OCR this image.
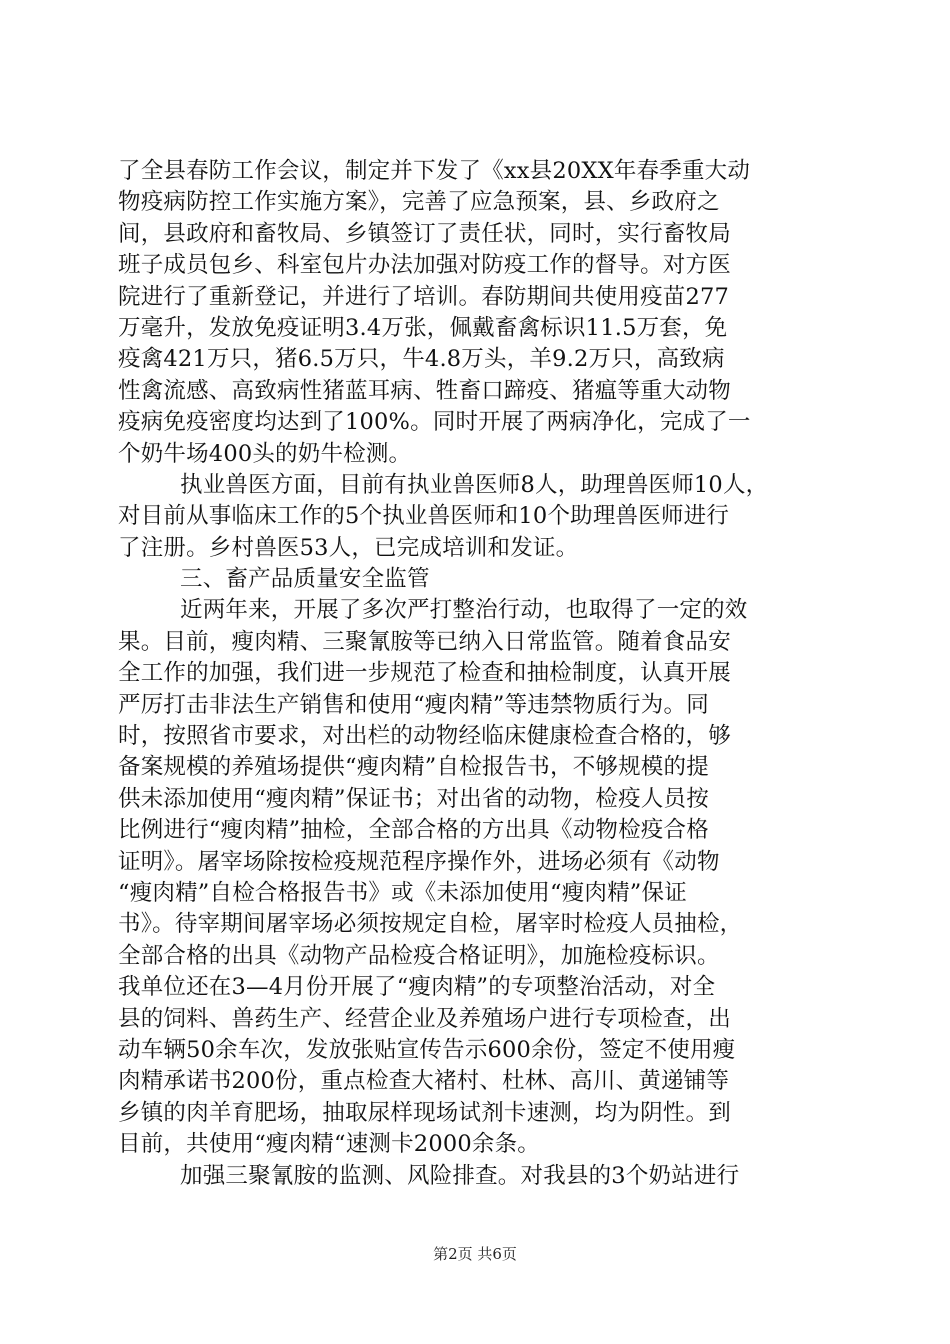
了全县春防工作会议，制定并下发了《xx县20XX年春季重大动
物疫病防控工作实施方案》，完善了应急预案，县、乡政府之
间，县政府和畜牧局、乡镇签订了责任状，同时，实行畜牧局
班子成员包乡、科室包片办法加强对防疫工作的督导。对方医
院进行了重新登记，并进行了培训。春防期间共使用疫苗277
万毫升，发放免疫证明3.4万张，佩戴畜禽标识11.5万套，免
疫禽421万只，猪6.5万只，牛4.8万头，羊9.2万只，高致病
性禽流感、高致病性猪蓝耳病、牲畜口蹄疫、猪瘟等重大动物
疫病免疫密度均达到了100%。同时开展了两病净化，完成了一
个奶牛场400头的奶牛检测。
执业兽医方面，目前有执业兽医师8人，助理兽医师10人，
对目前从事临床工作的5个执业兽医师和10个助理兽医师进行
了注册。乡村兽医53人，已完成培训和发证。
三、畜产品质量安全监管
近两年来，开展了多次严打整治行动，也取得了一定的效
果。目前，瘦肉精、三聚氰胺等已纳入日常监管。随着食品安
全工作的加强，我们进一步规范了检查和抽检制度，认真开展
严厉打击非法生产销售和使用“瘦肉精”等违禁物质行为。同
时，按照省市要求，对出栏的动物经临床健康检查合格的，够
备案规模的养殖场提供“瘦肉精”自检报告书，不够规模的提
供未添加使用“瘦肉精”保证书；对出省的动物，检疫人员按
比例进行“瘦肉精”抽检，全部合格的方出具《动物检疫合格
证明》。屠宰场除按检疫规范程序操作外，进场必须有《动物
“瘦肉精”自检合格报告书》或《未添加使用“瘦肉精”保证
书》。待宰期间屠宰场必须按规定自检，屠宰时检疫人员抽检，
全部合格的出具《动物产品检疫合格证明》，加施检疫标识。
我单位还在3—4月份开展了“瘦肉精”的专项整治活动，对全
县的饲料、兽药生产、经营企业及养殖场户进行专项检查，出
动车辆50余车次，发放张贴宣传告示600余份，签定不使用瘦
肉精承诺书200份，重点检查大褚村、杜林、高川、黄递铺等
乡镇的肉羊育肥场，抽取尿样现场试剂卡速测，均为阴性。到
目前，共使用“瘦肉精“速测卡2000余条。
加强三聚氰胺的监测、风险排查。对我县的3个奶站进行
第2页 共6页
